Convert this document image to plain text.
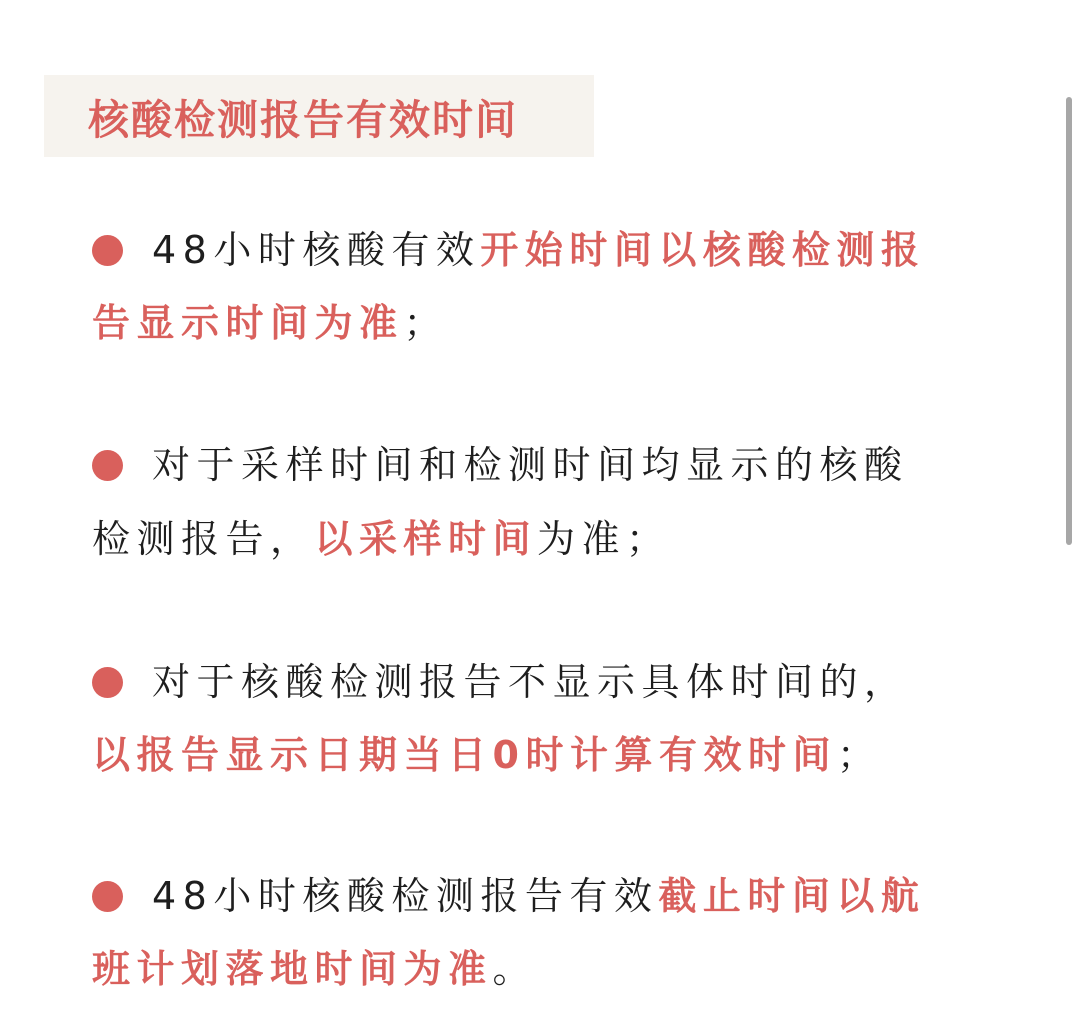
核酸检测报告有效时间
48小时核酸有效开始时间以核酸检测报
告显示时间为准；
对于采样时间和检测时间均显示的核酸
检测报告，以采样时间为准；
对于核酸检测报告不显示具体时间的，
以报告显示日期当日0时计算有效时间；
48小时核酸检测报告有效截止时间以航
班计划落地时间为准。
